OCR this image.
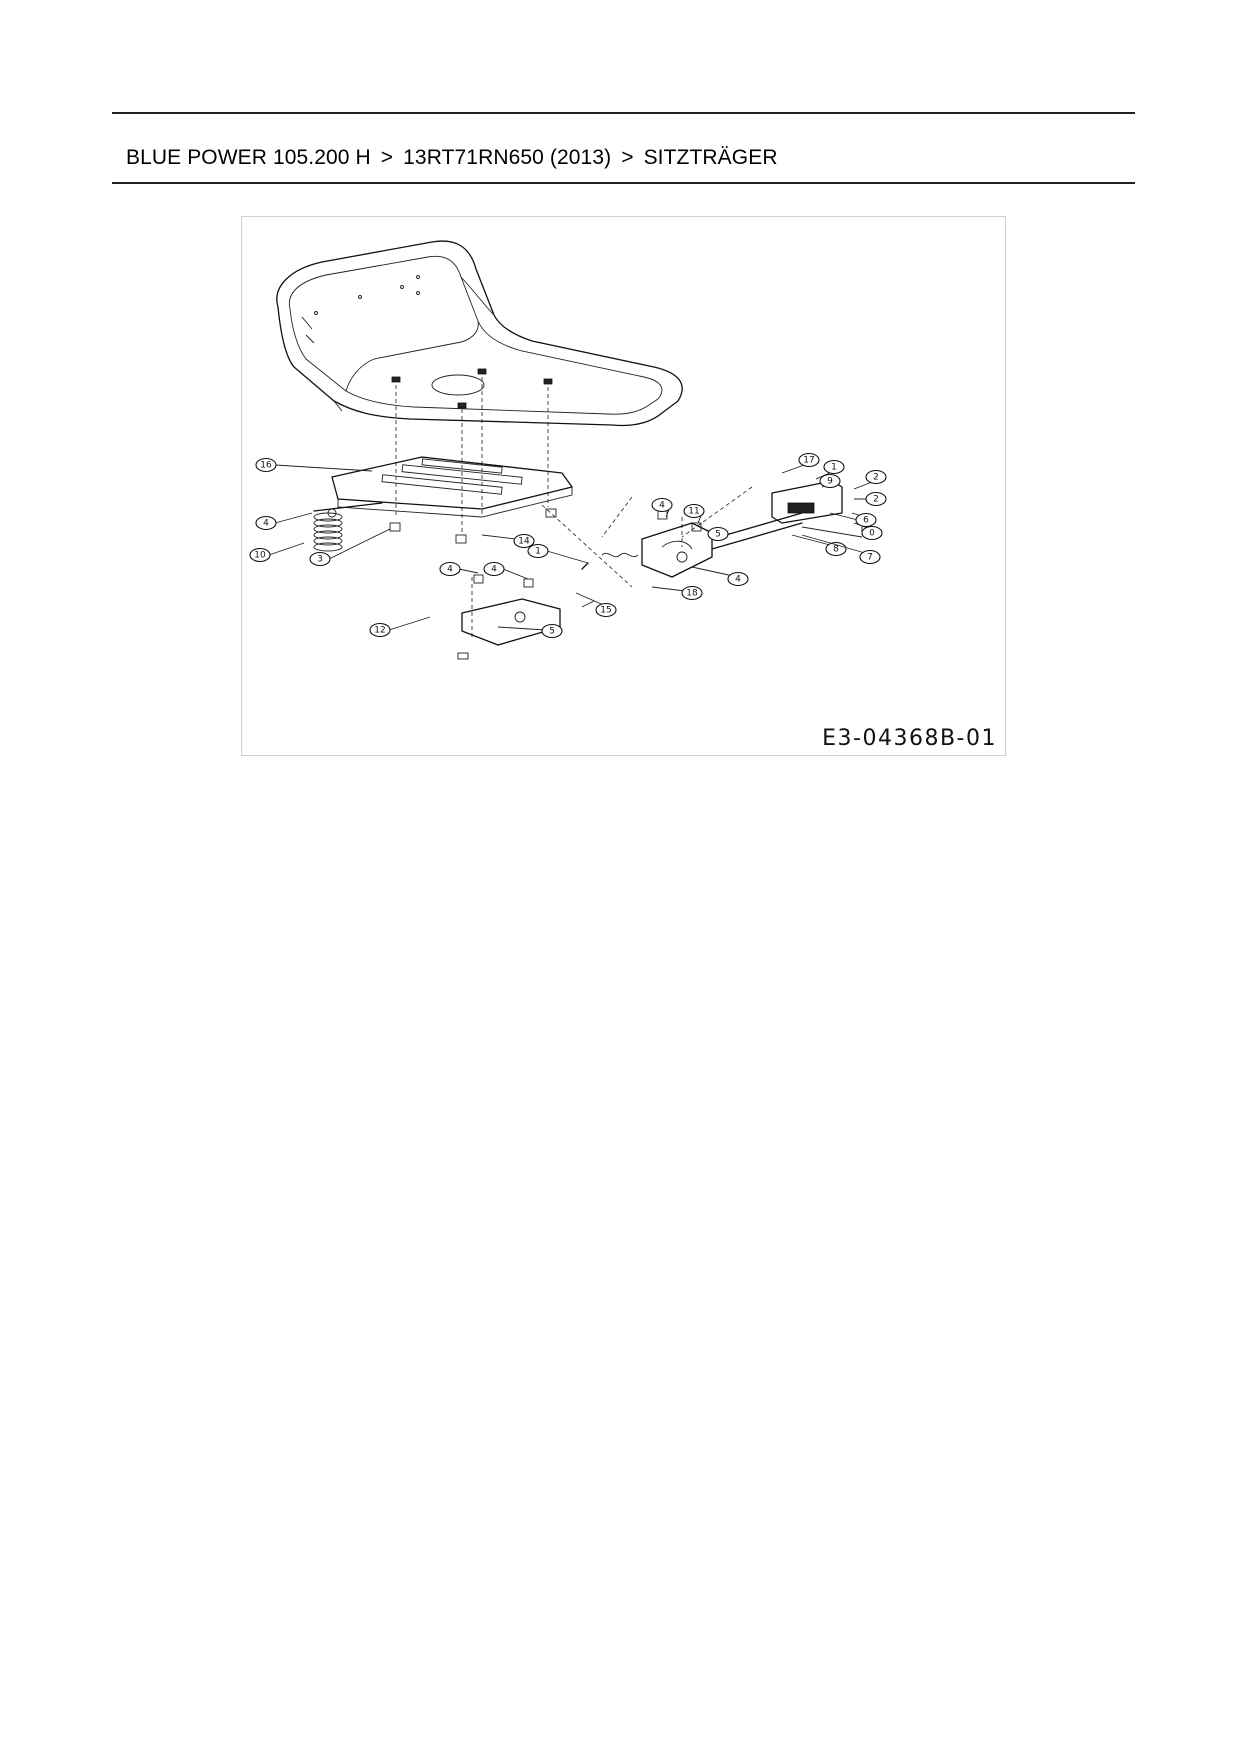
BLUE POWER 105.200 H > 13RT71RN650 (2013) > SITZTRÄGER
16
4
10	3
14
4	4
1
4
11
5
12
15
18
4
17
1
2
9
2
5
6
8
0
7
E3-04368B-01
